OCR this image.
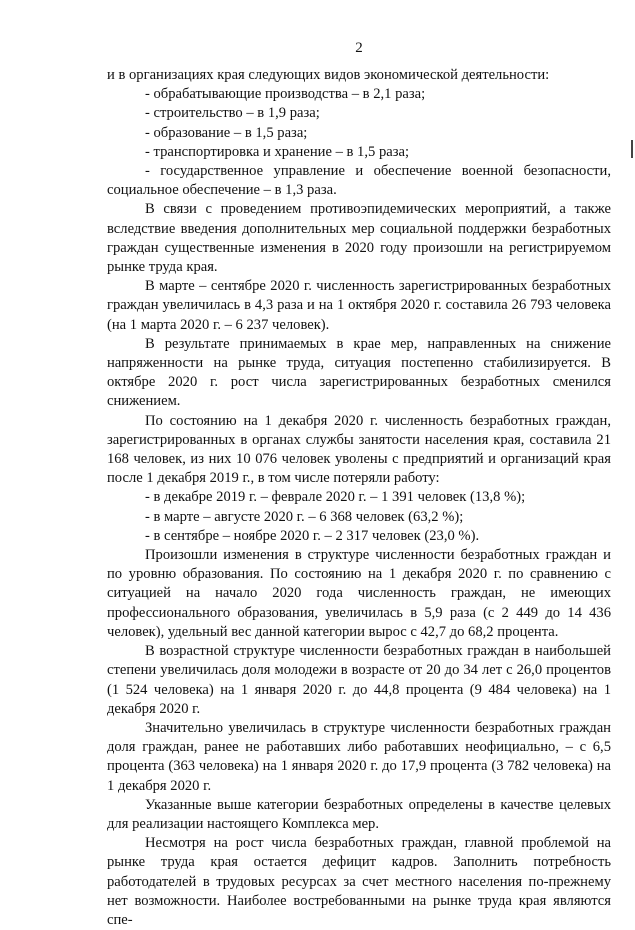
2

и в организациях края следующих видов экономической деятельности:

- обрабатывающие производства – в 2,1 раза;

- строительство – в 1,9 раза;

- образование – в 1,5 раза;

- транспортировка и хранение – в 1,5 раза;

- государственное управление и обеспечение военной безопасности, социальное обеспечение – в 1,3 раза.

В связи с проведением противоэпидемических мероприятий, а также вследствие введения дополнительных мер социальной поддержки безработных граждан существенные изменения в 2020 году произошли на регистрируемом рынке труда края.

В марте – сентябре 2020 г. численность зарегистрированных безработных граждан увеличилась в 4,3 раза и на 1 октября 2020 г. составила 26 793 человека (на 1 марта 2020 г. – 6 237 человек).

В результате принимаемых в крае мер, направленных на снижение напряженности на рынке труда, ситуация постепенно стабилизируется. В октябре 2020 г. рост числа зарегистрированных безработных сменился снижением.

По состоянию на 1 декабря 2020 г. численность безработных граждан, зарегистрированных в органах службы занятости населения края, составила 21 168 человек, из них 10 076 человек уволены с предприятий и организаций края после 1 декабря 2019 г., в том числе потеряли работу:

- в декабре 2019 г. – феврале 2020 г. – 1 391 человек (13,8 %);

- в марте – августе 2020 г. – 6 368 человек (63,2 %);

- в сентябре – ноябре 2020 г. – 2 317 человек (23,0 %).

Произошли изменения в структуре численности безработных граждан и по уровню образования. По состоянию на 1 декабря 2020 г. по сравнению с ситуацией на начало 2020 года численность граждан, не имеющих профессионального образования, увеличилась в 5,9 раза (с 2 449 до 14 436 человек), удельный вес данной категории вырос с 42,7 до 68,2 процента.

В возрастной структуре численности безработных граждан в наибольшей степени увеличилась доля молодежи в возрасте от 20 до 34 лет с 26,0 процентов (1 524 человека) на 1 января 2020 г. до 44,8 процента (9 484 человека) на 1 декабря 2020 г.

Значительно увеличилась в структуре численности безработных граждан доля граждан, ранее не работавших либо работавших неофициально, – с 6,5 процента (363 человека) на 1 января 2020 г. до 17,9 процента (3 782 человека) на 1 декабря 2020 г.

Указанные выше категории безработных определены в качестве целевых для реализации настоящего Комплекса мер.

Несмотря на рост числа безработных граждан, главной проблемой на рынке труда края остается дефицит кадров. Заполнить потребность работодателей в трудовых ресурсах за счет местного населения по-прежнему нет возможности. Наиболее востребованными на рынке труда края являются спе-
